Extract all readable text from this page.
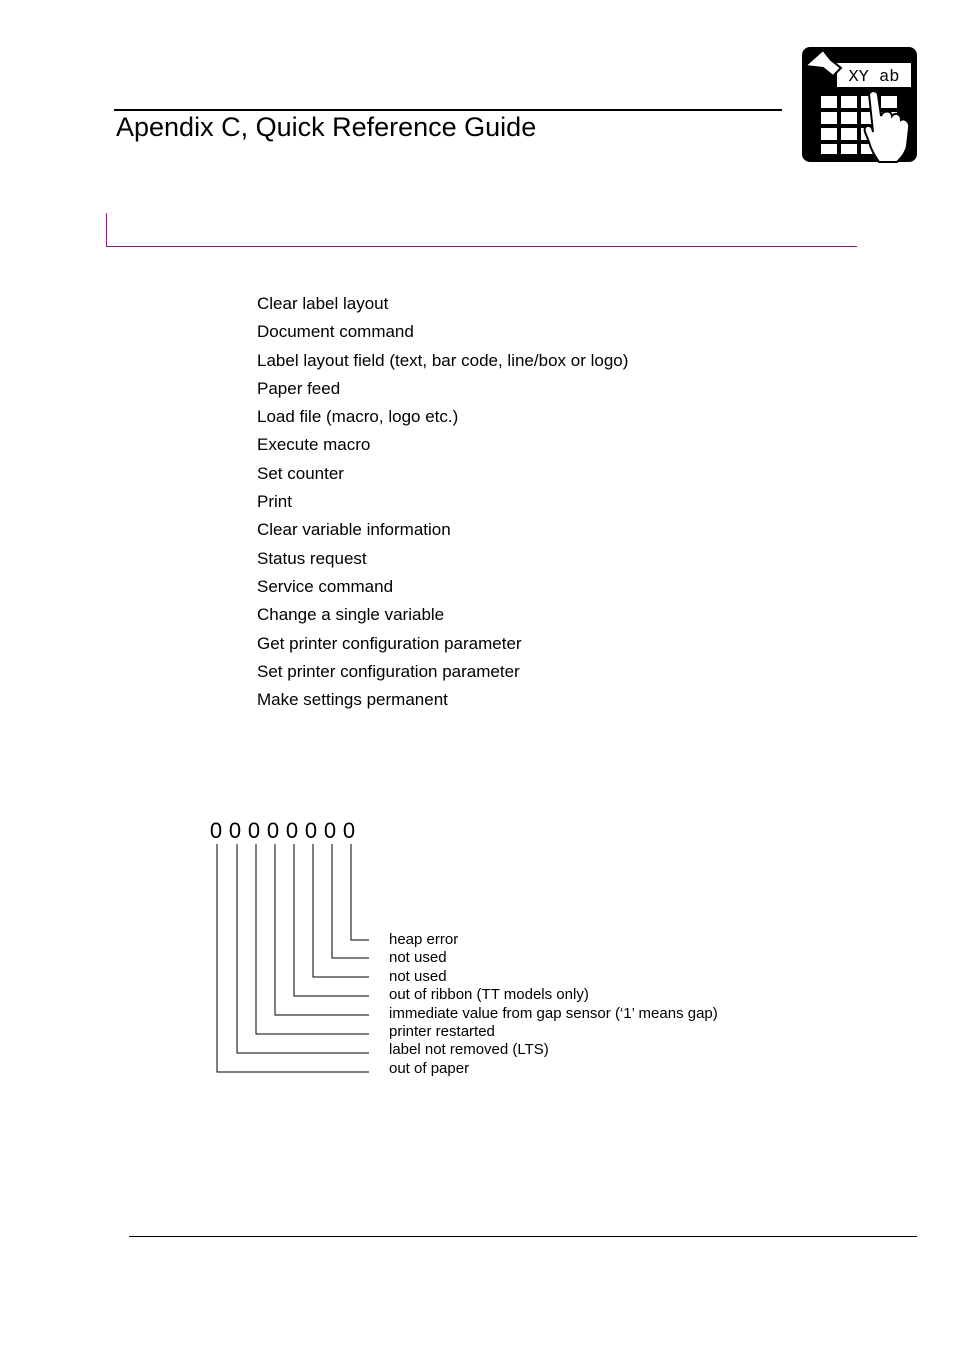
Apendix C, Quick Reference Guide
XY ab
Clear label layout
Document command
Label layout field (text, bar code, line/box or logo)
Paper feed
Load file (macro, logo etc.)
Execute macro
Set counter
Print
Clear variable information
Status request
Service command
Change a single variable
Get printer configuration parameter
Set printer configuration parameter
Make settings permanent
0 0 0 0 0 0 0 0
heap error
not used
not used
out of ribbon (TT models only)
immediate value from gap sensor (‘1’ means gap)
printer restarted
label not removed (LTS)
out of paper
